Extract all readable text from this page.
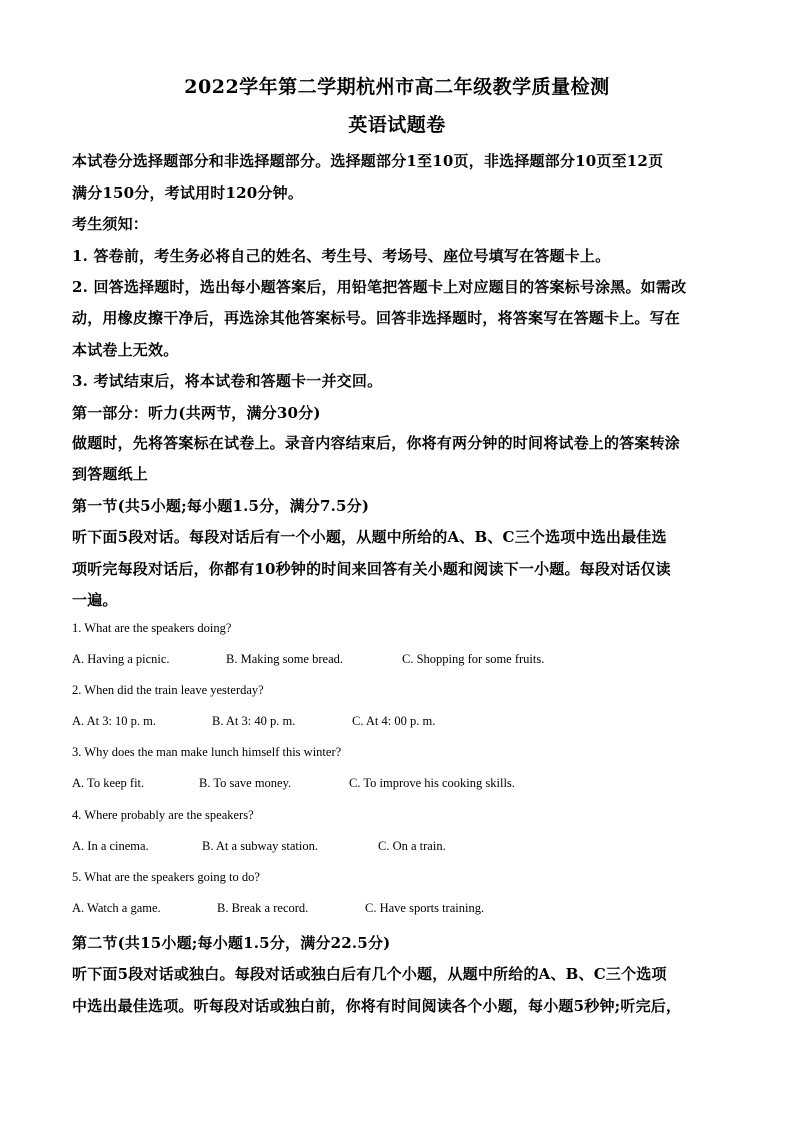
2022学年第二学期杭州市高二年级教学质量检测
英语试题卷
本试卷分选择题部分和非选择题部分。选择题部分1至10页，非选择题部分10页至12页
满分150分，考试用时120分钟。
考生须知：
1. 答卷前，考生务必将自己的姓名、考生号、考场号、座位号填写在答题卡上。
2. 回答选择题时，选出每小题答案后，用铅笔把答题卡上对应题目的答案标号涂黑。如需改
动，用橡皮擦干净后，再选涂其他答案标号。回答非选择题时，将答案写在答题卡上。写在
本试卷上无效。
3. 考试结束后，将本试卷和答题卡一并交回。
第一部分：听力(共两节，满分30分)
做题时，先将答案标在试卷上。录音内容结束后，你将有两分钟的时间将试卷上的答案转涂
到答题纸上
第一节(共5小题;每小题1.5分，满分7.5分)
听下面5段对话。每段对话后有一个小题，从题中所给的A、B、C三个选项中选出最佳选
项听完每段对话后，你都有10秒钟的时间来回答有关小题和阅读下一小题。每段对话仅读
一遍。
1. What are the speakers doing?
A. Having a picnic.	B. Making some bread.	C. Shopping for some fruits.
2. When did the train leave yesterday?
A. At 3: 10 p. m.	B. At 3: 40 p. m.	C. At 4: 00 p. m.
3. Why does the man make lunch himself this winter?
A. To keep fit.	B. To save money.	C. To improve his cooking skills.
4. Where probably are the speakers?
A. In a cinema.	B. At a subway station.	C. On a train.
5. What are the speakers going to do?
A. Watch a game.	B. Break a record.	C. Have sports training.
第二节(共15小题;每小题1.5分，满分22.5分)
听下面5段对话或独白。每段对话或独白后有几个小题，从题中所给的A、B、C三个选项
中选出最佳选项。听每段对话或独白前，你将有时间阅读各个小题，每小题5秒钟;听完后，
